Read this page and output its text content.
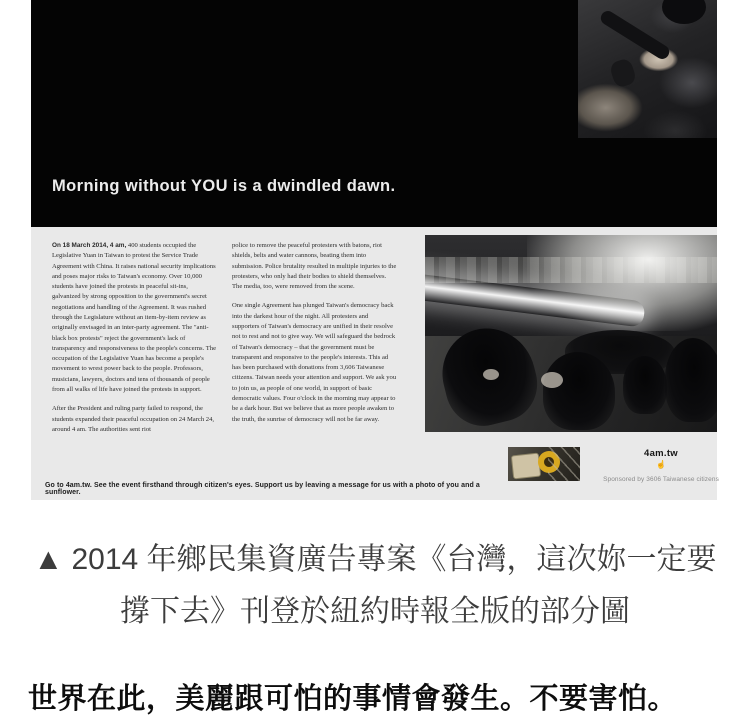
Morning without YOU is a dwindled dawn.

On 18 March 2014, 4 am, 400 students occupied the Legislative Yuan in Taiwan to protest the Service Trade Agreement with China. It raises national security implications and poses major risks to Taiwan's economy. Over 10,000 students have joined the protests in peaceful sit-ins, galvanized by strong opposition to the government's secret negotiations and handling of the Agreement. It was rushed through the Legislature without an item-by-item review as originally envisaged in an inter-party agreement. The "anti-black box protests" reject the government's lack of transparency and responsiveness to the people's concerns. The occupation of the Legislative Yuan has become a people's movement to wrest power back to the people. Professors, musicians, lawyers, doctors and tens of thousands of people from all walks of life have joined the protests in support.

After the President and ruling party failed to respond, the students expanded their peaceful occupation on 24 March 24, around 4 am. The authorities sent riot

police to remove the peaceful protesters with batons, riot shields, belts and water cannons, beating them into submission. Police brutality resulted in multiple injuries to the protesters, who only had their bodies to shield themselves. The media, too, were removed from the scene.

One single Agreement has plunged Taiwan's democracy back into the darkest hour of the night. All protesters and supporters of Taiwan's democracy are unified in their resolve not to rest and not to give way. We will safeguard the bedrock of Taiwan's democracy – that the government must be transparent and responsive to the people's interests. This ad has been purchased with donations from 3,606 Taiwanese citizens. Taiwan needs your attention and support. We ask you to join us, as people of one world, in support of basic democratic values. Four o'clock in the morning may appear to be a dark hour. But we believe that as more people awaken to the truth, the sunrise of democracy will not be far away.

Go to 4am.tw. See the event firsthand through citizen's eyes. Support us by leaving a message for us with a photo of you and a sunflower.
4am.tw
☝
Sponsored by 3606 Taiwanese citizens
▲ 2014 年鄉民集資廣告專案《台灣，這次妳一定要
撐下去》刊登於紐約時報全版的部分圖
世界在此，美麗跟可怕的事情會發生。不要害怕。
